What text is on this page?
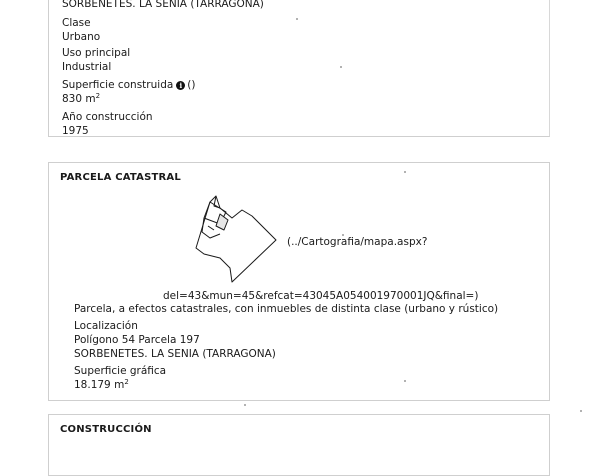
SORBENETES. LA SENIA (TARRAGONA)
Clase
Urbano
Uso principal
Industrial
Superficie construida i ()
830 $m^2$
Año construcción
1975
PARCELA CATASTRAL
(../Cartografia/mapa.aspx?
del=43&mun=45&refcat=43045A054001970001JQ&final=)
Parcela, a efectos catastrales, con inmuebles de distinta clase (urbano y rústico)
Localización
Polígono 54 Parcela 197
SORBENETES. LA SENIA (TARRAGONA)
Superficie gráfica
18.179 $m^2$
CONSTRUCCIÓN
